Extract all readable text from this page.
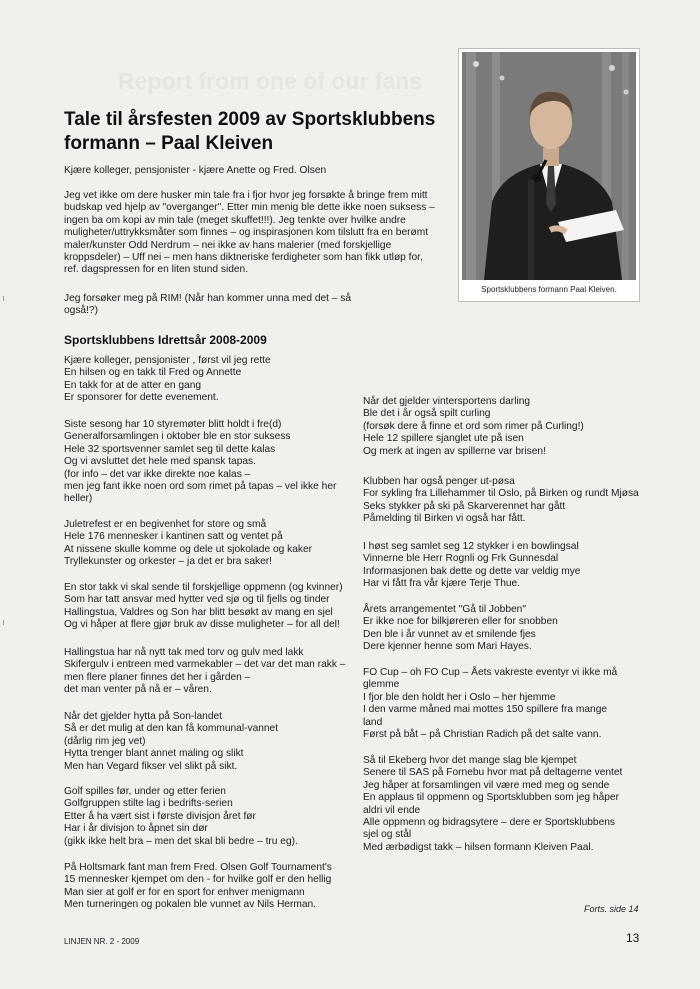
Report from one of our fans
Sportsklubbens formann Paal Kleiven.
Tale til årsfesten 2009 av Sportsklubbens formann – Paal Kleiven

Kjære kolleger, pensjonister - kjære Anette og Fred. Olsen

Jeg vet ikke om dere husker min tale fra i fjor hvor jeg forsøkte å bringe frem mitt
budskap ved hjelp av "overganger". Etter min menig ble dette ikke noen suksess –
ingen ba om kopi av min tale (meget skuffet!!!). Jeg tenkte over hvilke andre
muligheter/uttrykksmåter som finnes – og inspirasjonen kom tilslutt fra en berømt
maler/kunster Odd Nerdrum – nei ikke av hans malerier (med forskjellige
kroppsdeler) – Uff nei – men hans diktneriske ferdigheter som han fikk utløp for,
ref. dagspressen for en liten stund siden.

Jeg forsøker meg på RIM! (Når han kommer unna med det – så
også!?)

Sportsklubbens Idrettsår 2008-2009

Kjære kolleger, pensjonister , først vil jeg rette
En hilsen og en takk til Fred og Annette
En takk for at de atter en gang
Er sponsorer for dette evenement.

Siste sesong har 10 styremøter blitt holdt i fre(d)
Generalforsamlingen i oktober ble en stor suksess
Hele 32 sportsvenner samlet seg til dette kalas
Og vi avsluttet det hele med spansk tapas.
(for info – det var ikke direkte noe kalas –
men jeg fant ikke noen ord som rimet på tapas – vel ikke her
heller)

Juletrefest er en begivenhet for store og små
Hele 176 mennesker i kantinen satt og ventet på
At nissene skulle komme og dele ut sjokolade og kaker
Tryllekunster og orkester – ja det er bra saker!

En stor takk vi skal sende til forskjellige oppmenn (og kvinner)
Som har tatt ansvar med hytter ved sjø og til fjells og tinder
Hallingstua, Valdres og Son har blitt besøkt av mang en sjel
Og vi håper at flere gjør bruk av disse muligheter – for all del!

Hallingstua har nå nytt tak med torv og gulv med lakk
Skifergulv i entreen med varmekabler – det var det man rakk –
men flere planer finnes det her i gården –
det man venter på nå er – våren.

Når det gjelder hytta på Son-landet
Så er det mulig at den kan få kommunal-vannet
(dårlig rim jeg vet)
Hytta trenger blant annet maling og slikt
Men han Vegard fikser vel slikt på sikt.

Golf spilles før, under og etter ferien
Golfgruppen stilte lag i bedrifts-serien
Etter å ha vært sist i første divisjon året før
Har i år divisjon to åpnet sin dør
(gikk ikke helt bra – men det skal bli bedre – tru eg).

På Holtsmark fant man frem Fred. Olsen Golf Tournament's
15 mennesker kjempet om den - for hvilke golf er den hellig
Man sier at golf er for en sport for enhver menigmann
Men turneringen og pokalen ble vunnet av Nils Herman.

Når det gjelder vintersportens darling
Ble det i år også spilt curling
(forsøk dere å finne et ord som rimer på Curling!)
Hele 12 spillere sjanglet ute på isen
Og merk at ingen av spillerne var brisen!

Klubben har også penger ut-pøsa
For sykling fra Lillehammer til Oslo, på Birken og rundt Mjøsa
Seks stykker på ski på Skarverennet har gått
Påmelding til Birken vi også har fått.

I høst seg samlet seg 12 stykker i en bowlingsal
Vinnerne ble Herr Rognli og Frk Gunnesdal
Informasjonen bak dette og dette var veldig mye
Har vi fått fra vår kjære Terje Thue.

Årets arrangementet "Gå til Jobben"
Er ikke noe for bilkjøreren eller for snobben
Den ble i år vunnet av et smilende fjes
Dere kjenner henne som Mari Hayes.

FO Cup – oh FO Cup – Åets vakreste eventyr vi ikke må
glemme
I fjor ble den holdt her i Oslo – her hjemme
I den varme måned mai mottes 150 spillere fra mange
land
Først på båt – på Christian Radich på det salte vann.

Så til Ekeberg hvor det mange slag ble kjempet
Senere til SAS på Fornebu hvor mat på deltagerne ventet
Jeg håper at forsamlingen vil være med meg og sende
En applaus til oppmenn og Sportsklubben som jeg håper
aldri vil ende
Alle oppmenn og bidragsytere – dere er Sportsklubbens
sjel og stål
Med ærbødigst takk – hilsen formann Kleiven Paal.

Forts. side 14
LINJEN NR. 2 - 2009	13
